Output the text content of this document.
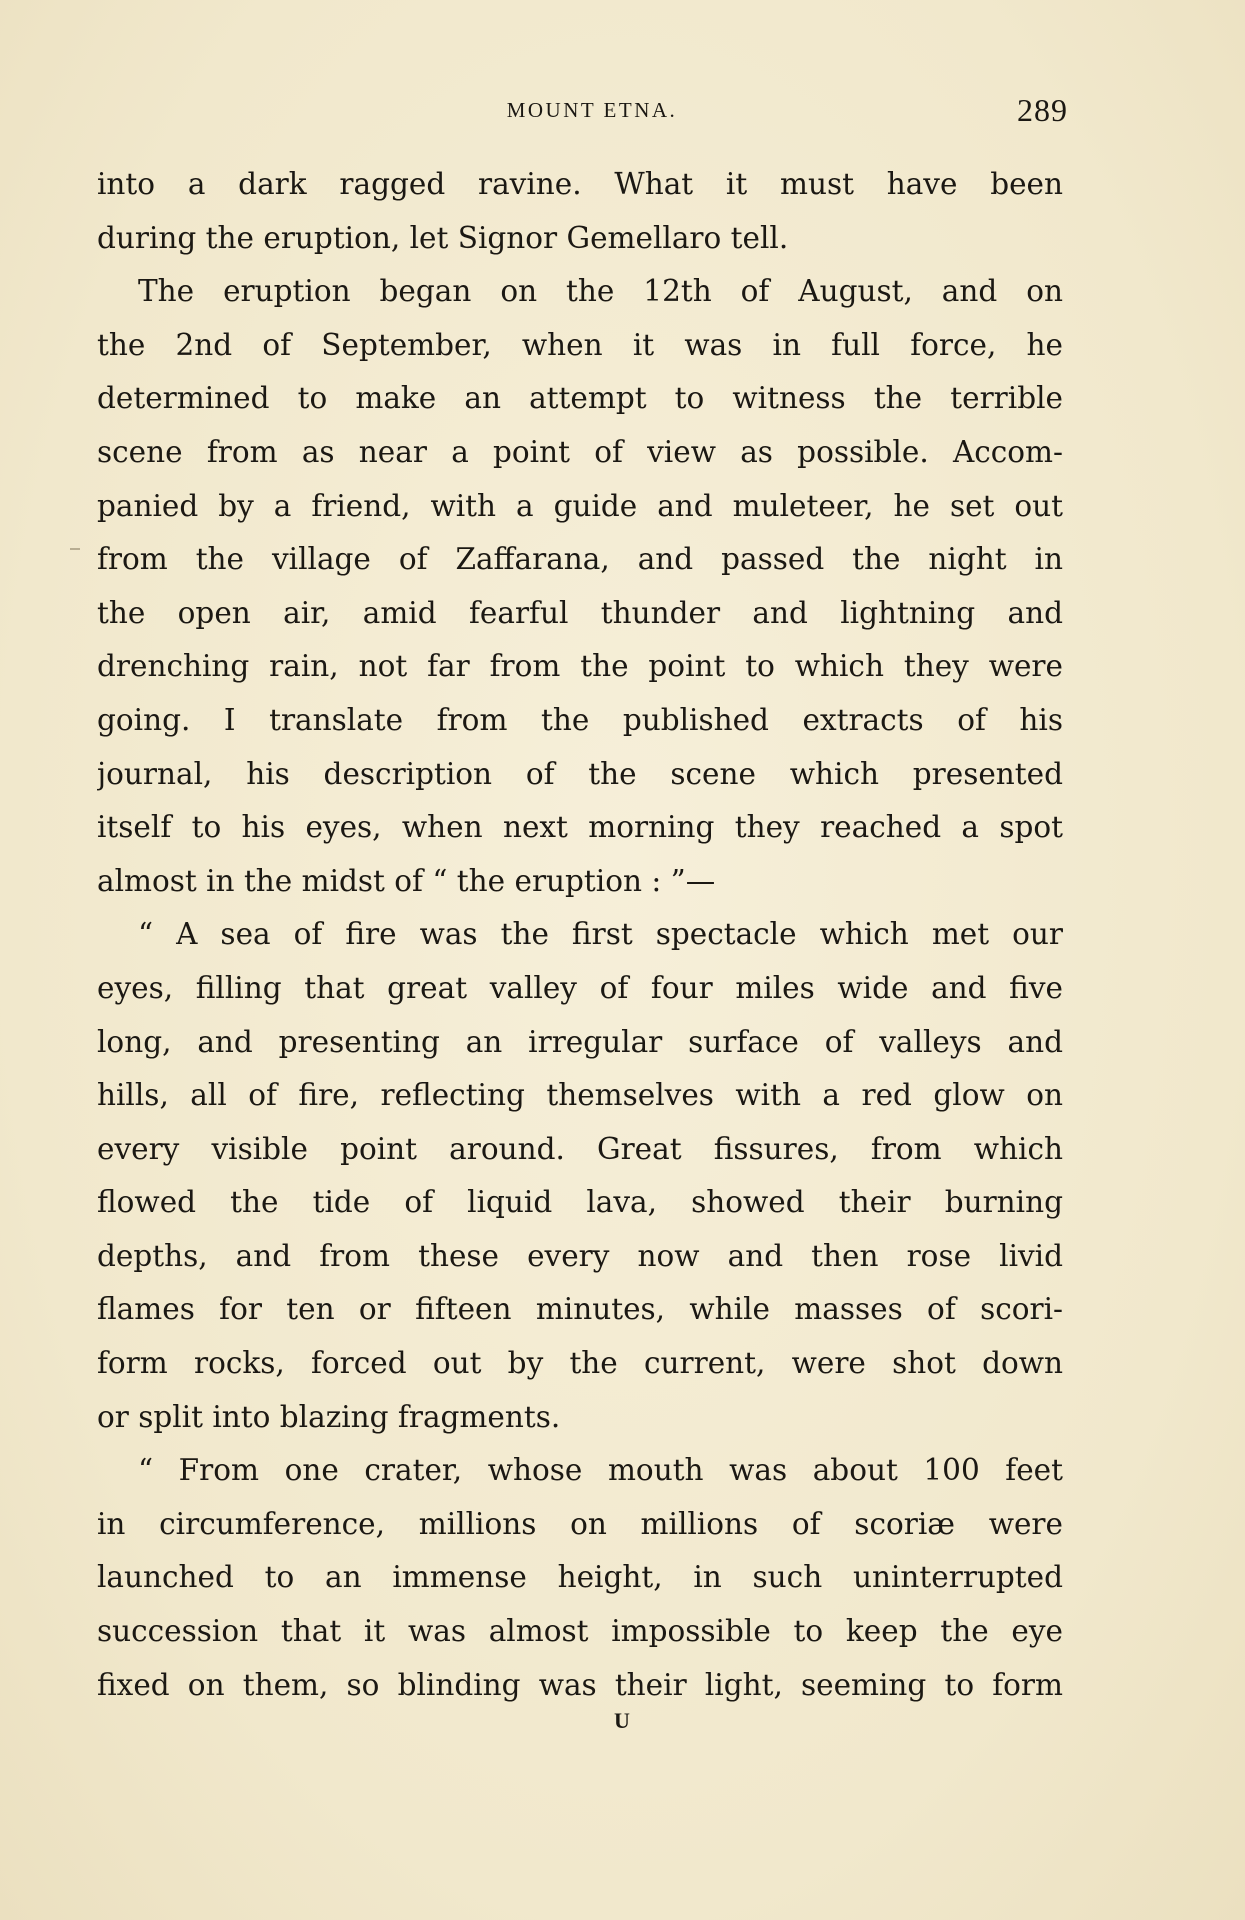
MOUNT ETNA.	289
into a dark ragged ravine. What it must have been
during the eruption, let Signor Gemellaro tell.
The eruption began on the 12th of August, and on
the 2nd of September, when it was in full force, he
determined to make an attempt to witness the terrible
scene from as near a point of view as possible. Accom-
panied by a friend, with a guide and muleteer, he set out
from the village of Zaffarana, and passed the night in
the open air, amid fearful thunder and lightning and
drenching rain, not far from the point to which they were
going. I translate from the published extracts of his
journal, his description of the scene which presented
itself to his eyes, when next morning they reached a spot
almost in the midst of “ the eruption : ”—
“ A sea of fire was the first spectacle which met our
eyes, filling that great valley of four miles wide and five
long, and presenting an irregular surface of valleys and
hills, all of fire, reflecting themselves with a red glow on
every visible point around. Great fissures, from which
flowed the tide of liquid lava, showed their burning
depths, and from these every now and then rose livid
flames for ten or fifteen minutes, while masses of scori-
form rocks, forced out by the current, were shot down
or split into blazing fragments.
“ From one crater, whose mouth was about 100 feet
in circumference, millions on millions of scoriæ were
launched to an immense height, in such uninterrupted
succession that it was almost impossible to keep the eye
fixed on them, so blinding was their light, seeming to form
U
